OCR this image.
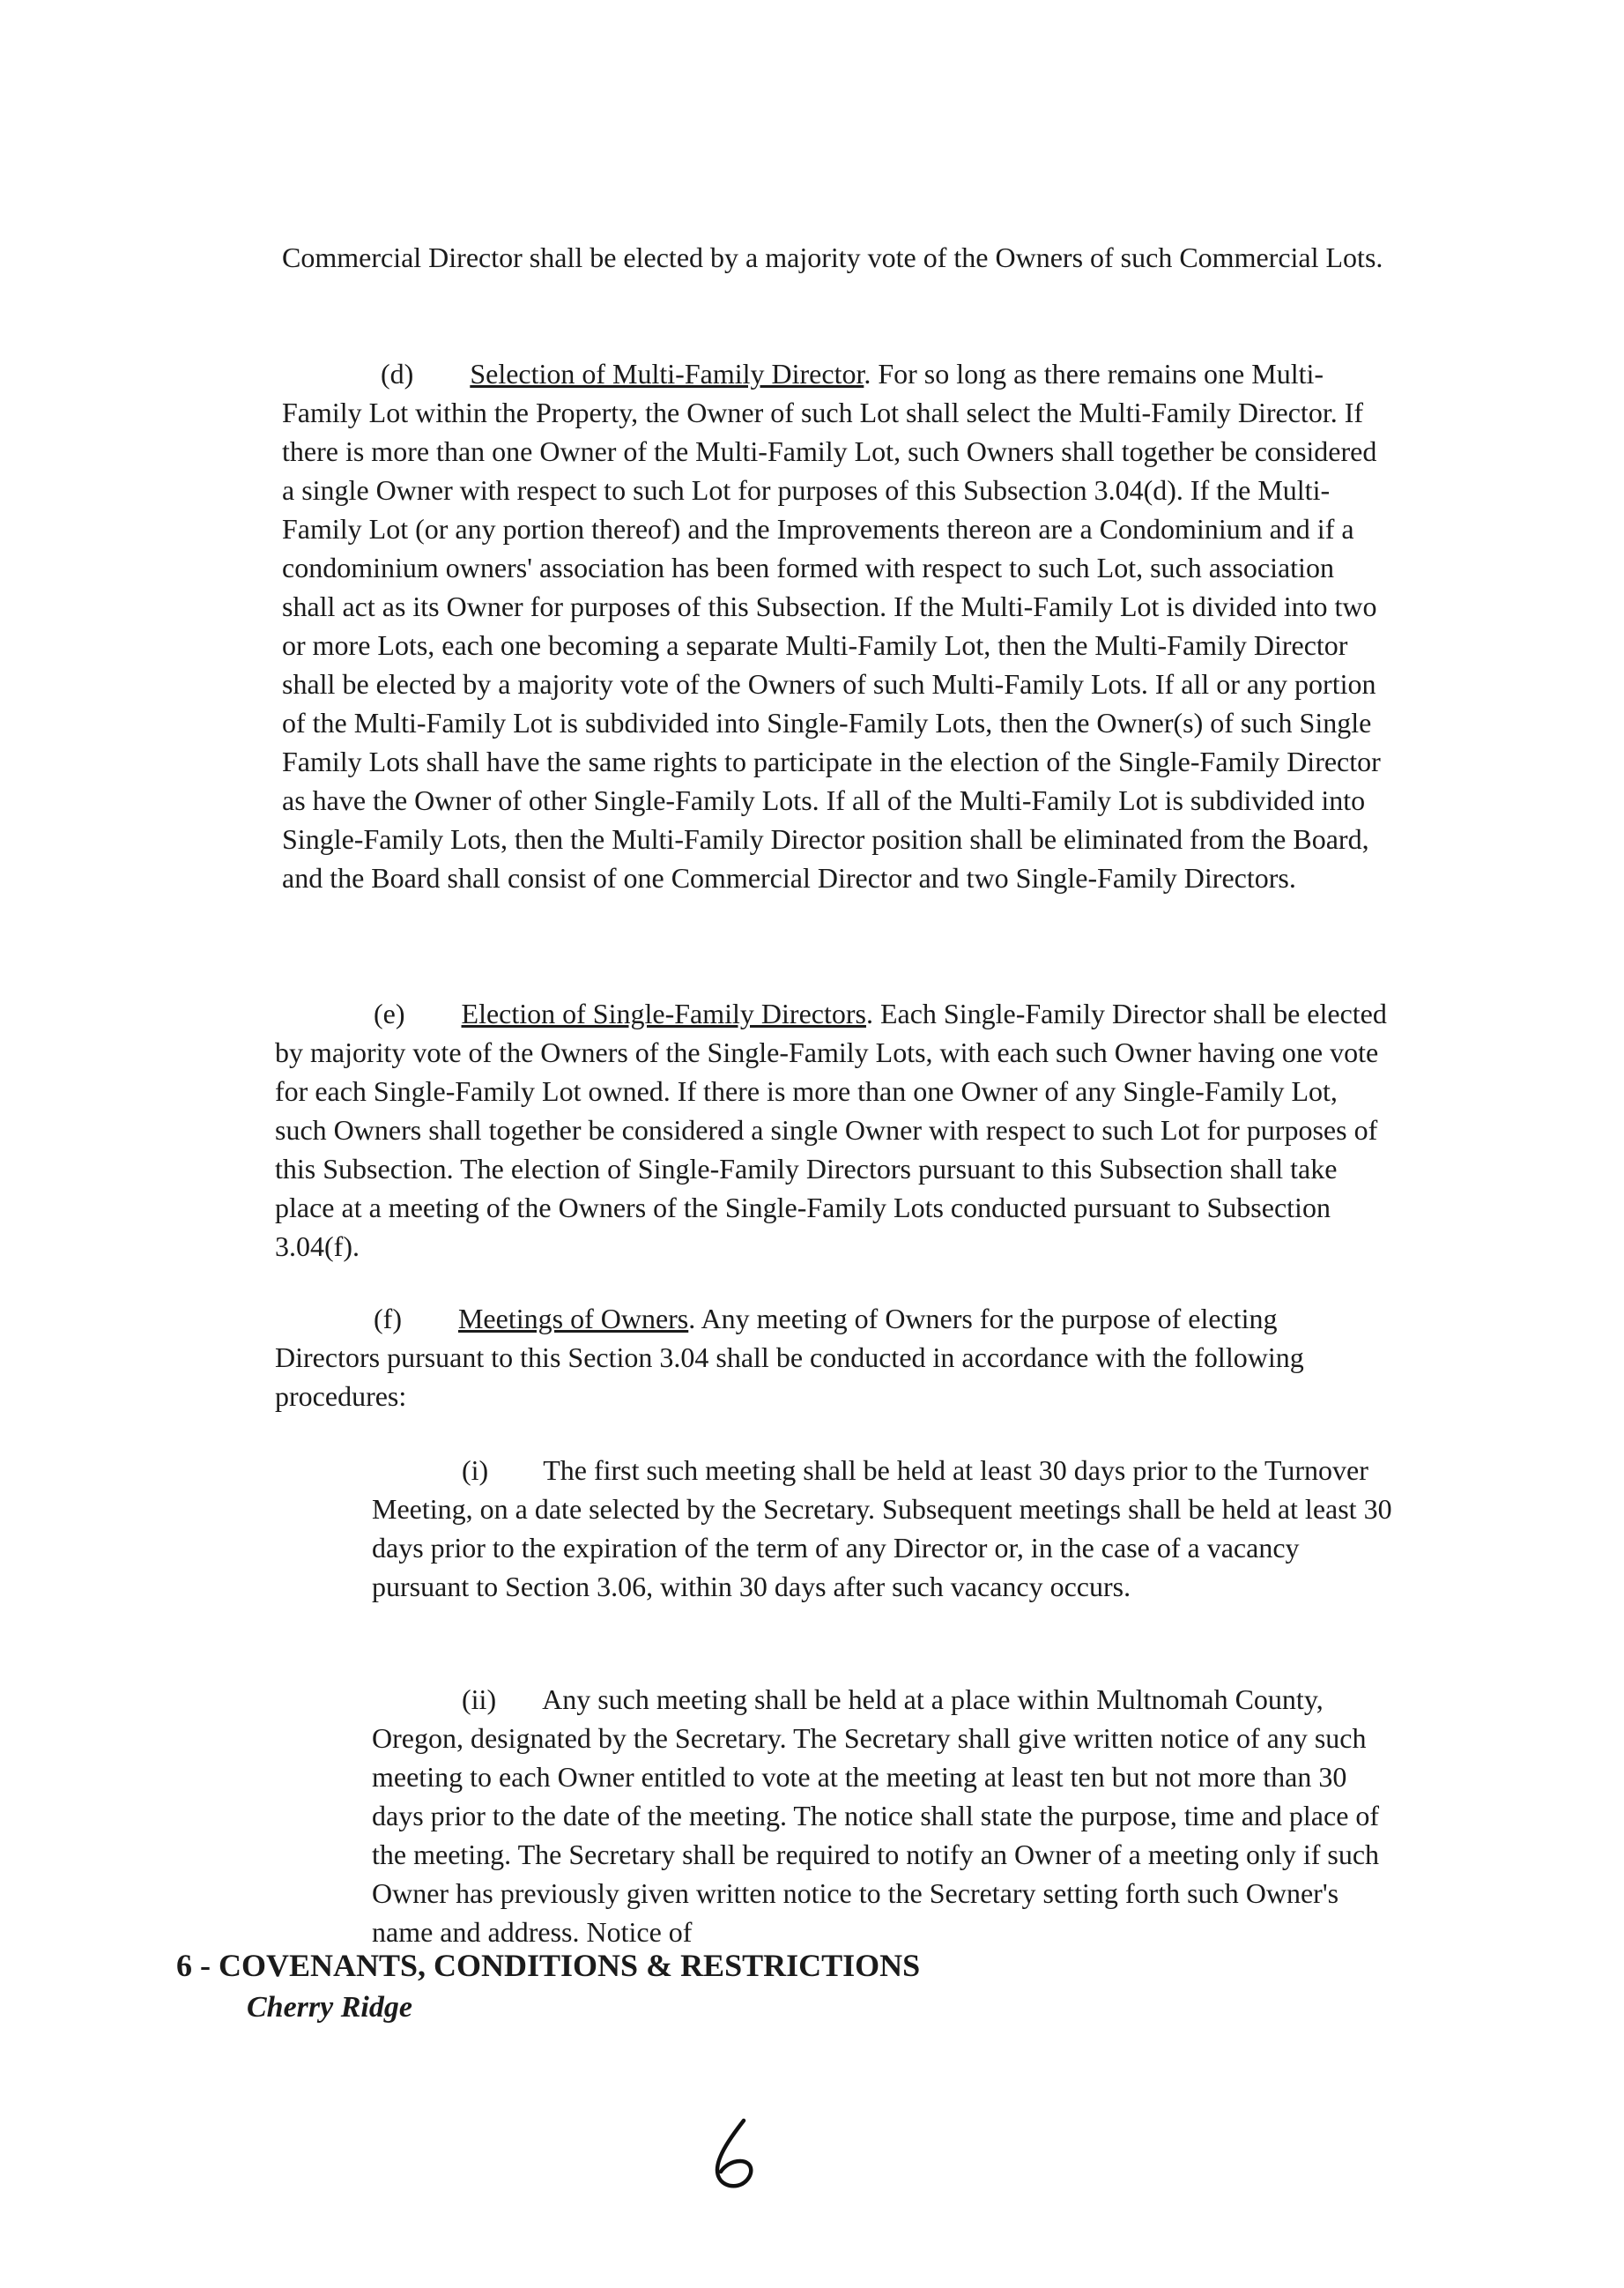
Commercial Director shall be elected by a majority vote of the Owners of such Commercial Lots.

(d) Selection of Multi-Family Director. For so long as there remains one Multi-Family Lot within the Property, the Owner of such Lot shall select the Multi-Family Director. If there is more than one Owner of the Multi-Family Lot, such Owners shall together be considered a single Owner with respect to such Lot for purposes of this Subsection 3.04(d). If the Multi-Family Lot (or any portion thereof) and the Improvements thereon are a Condominium and if a condominium owners' association has been formed with respect to such Lot, such association shall act as its Owner for purposes of this Subsection. If the Multi-Family Lot is divided into two or more Lots, each one becoming a separate Multi-Family Lot, then the Multi-Family Director shall be elected by a majority vote of the Owners of such Multi-Family Lots. If all or any portion of the Multi-Family Lot is subdivided into Single-Family Lots, then the Owner(s) of such Single Family Lots shall have the same rights to participate in the election of the Single-Family Director as have the Owner of other Single-Family Lots. If all of the Multi-Family Lot is subdivided into Single-Family Lots, then the Multi-Family Director position shall be eliminated from the Board, and the Board shall consist of one Commercial Director and two Single-Family Directors.

(e) Election of Single-Family Directors. Each Single-Family Director shall be elected by majority vote of the Owners of the Single-Family Lots, with each such Owner having one vote for each Single-Family Lot owned. If there is more than one Owner of any Single-Family Lot, such Owners shall together be considered a single Owner with respect to such Lot for purposes of this Subsection. The election of Single-Family Directors pursuant to this Subsection shall take place at a meeting of the Owners of the Single-Family Lots conducted pursuant to Subsection 3.04(f).

(f) Meetings of Owners. Any meeting of Owners for the purpose of electing Directors pursuant to this Section 3.04 shall be conducted in accordance with the following procedures:

(i) The first such meeting shall be held at least 30 days prior to the Turnover Meeting, on a date selected by the Secretary. Subsequent meetings shall be held at least 30 days prior to the expiration of the term of any Director or, in the case of a vacancy pursuant to Section 3.06, within 30 days after such vacancy occurs.

(ii) Any such meeting shall be held at a place within Multnomah County, Oregon, designated by the Secretary. The Secretary shall give written notice of any such meeting to each Owner entitled to vote at the meeting at least ten but not more than 30 days prior to the date of the meeting. The notice shall state the purpose, time and place of the meeting. The Secretary shall be required to notify an Owner of a meeting only if such Owner has previously given written notice to the Secretary setting forth such Owner's name and address. Notice of

6 - COVENANTS, CONDITIONS & RESTRICTIONS
Cherry Ridge
